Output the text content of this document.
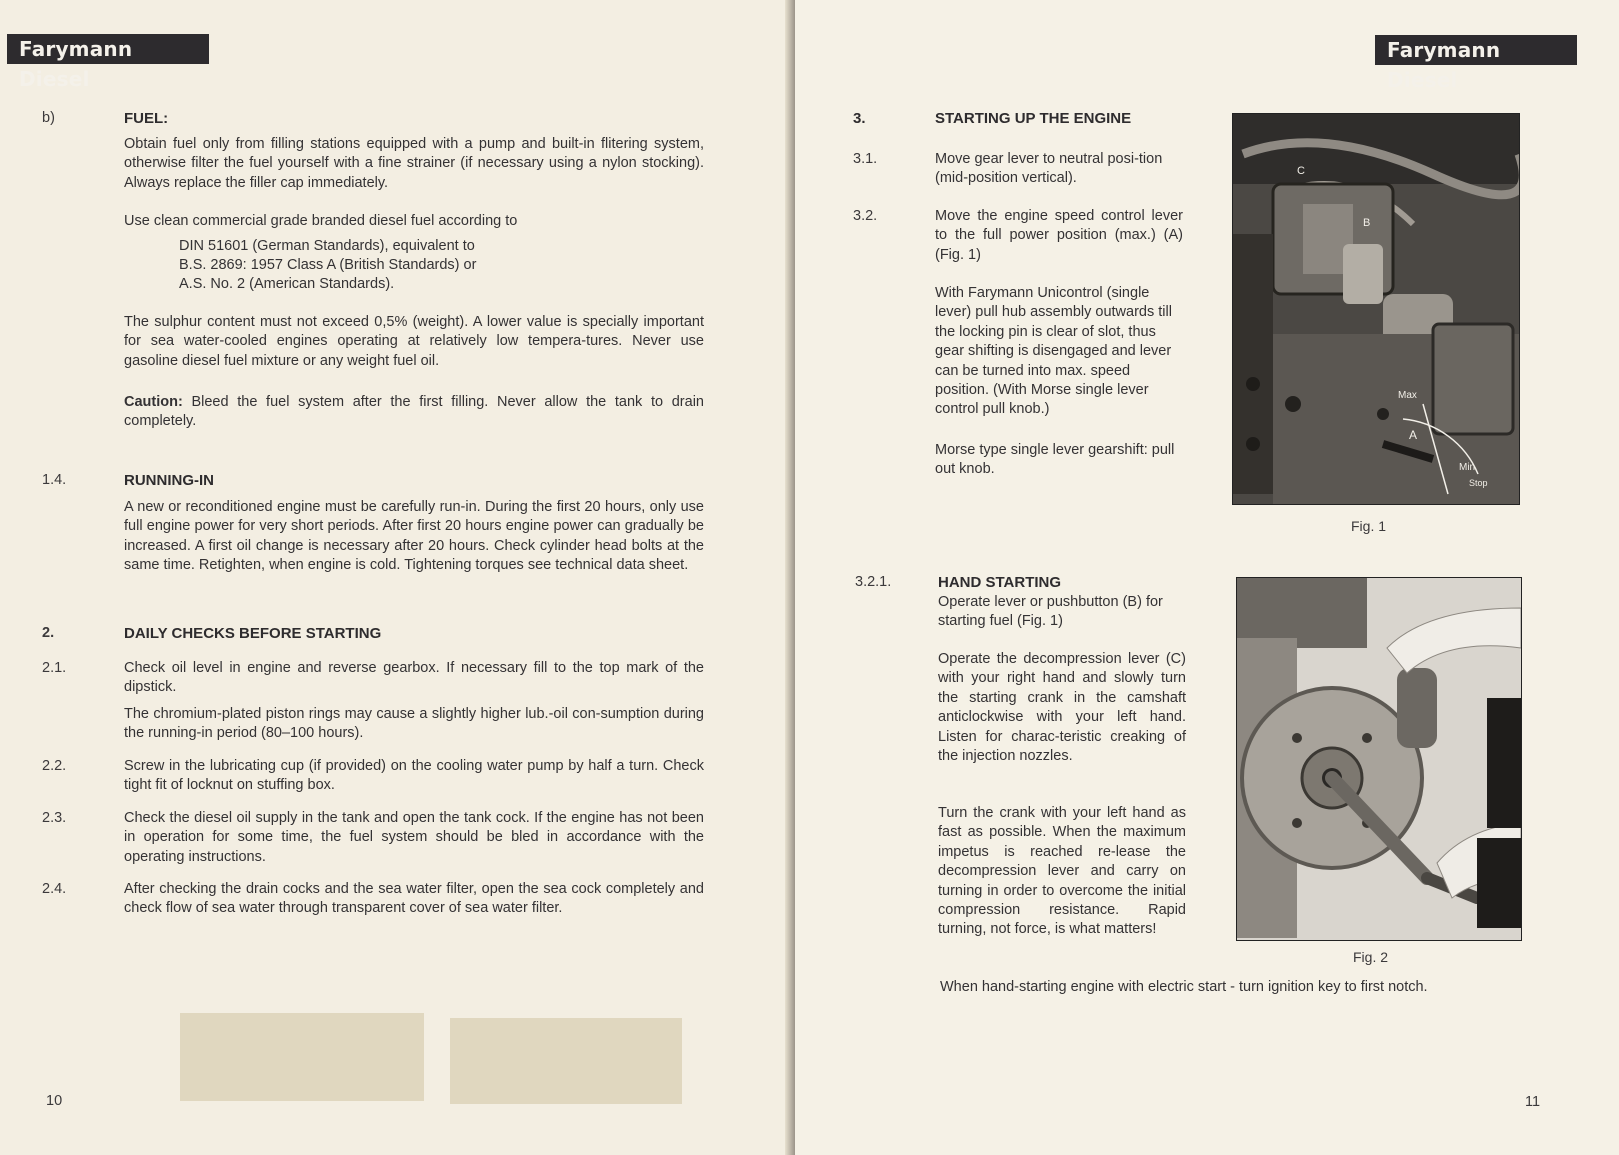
Farymann Diesel
b)	FUEL:
Obtain fuel only from filling stations equipped with a pump and built-in flitering system, otherwise filter the fuel yourself with a fine strainer (if necessary using a nylon stocking). Always replace the filler cap immediately.
Use clean commercial grade branded diesel fuel according to
DIN 51601 (German Standards), equivalent to
B.S. 2869: 1957 Class A (British Standards) or
A.S. No. 2 (American Standards).
The sulphur content must not exceed 0,5% (weight). A lower value is specially important for sea water-cooled engines operating at relatively low tempera-tures. Never use gasoline diesel fuel mixture or any weight fuel oil.
Caution: Bleed the fuel system after the first filling. Never allow the tank to drain completely.
1.4.	RUNNING-IN
A new or reconditioned engine must be carefully run-in. During the first 20 hours, only use full engine power for very short periods. After first 20 hours engine power can gradually be increased. A first oil change is necessary after 20 hours. Check cylinder head bolts at the same time. Retighten, when engine is cold. Tightening torques see technical data sheet.
2.	DAILY CHECKS BEFORE STARTING
2.1.	Check oil level in engine and reverse gearbox. If necessary fill to the top mark of the dipstick.
The chromium-plated piston rings may cause a slightly higher lub.-oil con-sumption during the running-in period (80–100 hours).
2.2.	Screw in the lubricating cup (if provided) on the cooling water pump by half a turn. Check tight fit of locknut on stuffing box.
2.3.	Check the diesel oil supply in the tank and open the tank cock. If the engine has not been in operation for some time, the fuel system should be bled in accordance with the operating instructions.
2.4.	After checking the drain cocks and the sea water filter, open the sea cock completely and check flow of sea water through transparent cover of sea water filter.
10
Farymann Diesel
3.	STARTING UP THE ENGINE
3.1.	Move gear lever to neutral posi-tion (mid-position vertical).
3.2.	Move the engine speed control lever to the full power position (max.) (A) (Fig. 1)
With Farymann Unicontrol (single lever) pull hub assembly outwards till the locking pin is clear of slot, thus gear shifting is disengaged and lever can be turned into max. speed position. (With Morse single lever control pull knob.)
Morse type single lever gearshift: pull out knob.
C
B
Max
A
Min
Stop
Fig. 1
3.2.1.	HAND STARTING
Operate lever or pushbutton (B) for starting fuel (Fig. 1)
Operate the decompression lever (C) with your right hand and slowly turn the starting crank in the camshaft anticlockwise with your left hand. Listen for charac-teristic creaking of the injection nozzles.
Turn the crank with your left hand as fast as possible. When the maximum impetus is reached re-lease the decompression lever and carry on turning in order to overcome the initial compression resistance. Rapid turning, not force, is what matters!
Fig. 2
When hand-starting engine with electric start - turn ignition key to first notch.
11
